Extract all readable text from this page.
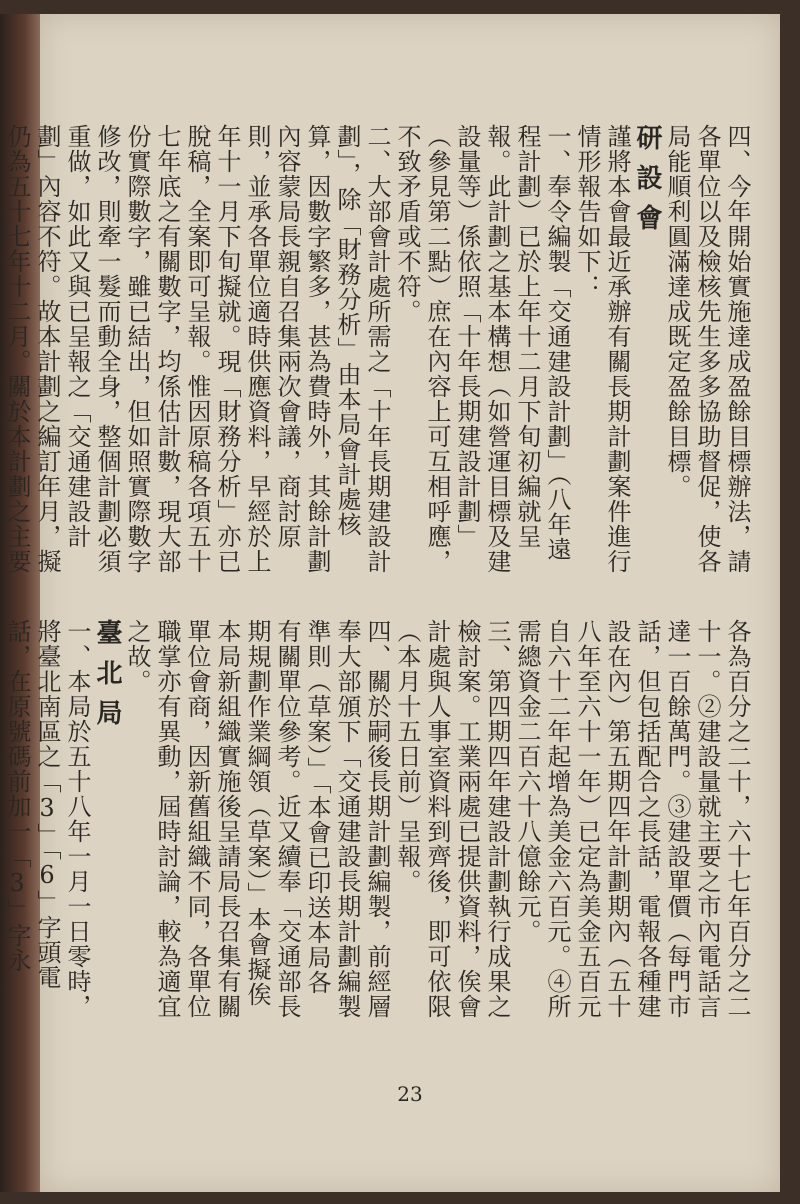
四、今年開始實施達成盈餘目標辦法，請各單位以及檢核先生多多協助督促，使各局能順利圓滿達成既定盈餘目標。
研設會
謹將本會最近承辦有關長期計劃案件進行情形報告如下：
一、奉令編製「交通建設計劃」（八年遠程計劃）已於上年十二月下旬初編就呈報。此計劃之基本構想（如營運目標及建設量等）係依照「十年長期建設計劃」（參見第二點）庶在內容上可互相呼應，不致矛盾或不符。
二、大部會計處所需之「十年長期建設計劃」，除「財務分析」由本局會計處核算，因數字繁多，甚為費時外，其餘計劃內容蒙局長親自召集兩次會議，商討原則，並承各單位適時供應資料，早經於上年十一月下旬擬就。現「財務分析」亦已脫稿，全案即可呈報。惟因原稿各項五十七年底之有關數字，均係估計數，現大部份實際數字，雖已結出，但如照實際數字修改，則牽一髮而動全身，整個計劃必須重做，如此又與已呈報之「交通建設計劃」內容不符。故本計劃之編訂年月，擬仍為五十七年十二月。關於本計劃之主要
各為百分之二十，六十七年百分之二十一。②建設量就主要之市內電話言達一百餘萬門。③建設單價（每門市話，但包括配合之長話，電報各種建設在內）第五期四年計劃期內（五十八年至六十一年）已定為美金五百元自六十二年起增為美金六百元。④所需總資金二百六十八億餘元。
三、第四期四年建設計劃執行成果之檢討案。工業兩處已提供資料，俟會計處與人事室資料到齊後，即可依限（本月十五日前）呈報。
四、關於嗣後長期計劃編製，前經層奉大部頒下「交通建設長期計劃編製準則（草案）」「本會已印送本局各有關單位參考。近又續奉「交通部長期規劃作業綱領（草案）」本會擬俟本局新組織實施後呈請局長召集有關單位會商，因新舊組織不同，各單位職掌亦有異動，屆時討論，較為適宜之故。
臺北局
一、本局於五十八年一月一日零時，將臺北南區之「3」「6」字頭電話，在原號碼前加一「3」字永
23
